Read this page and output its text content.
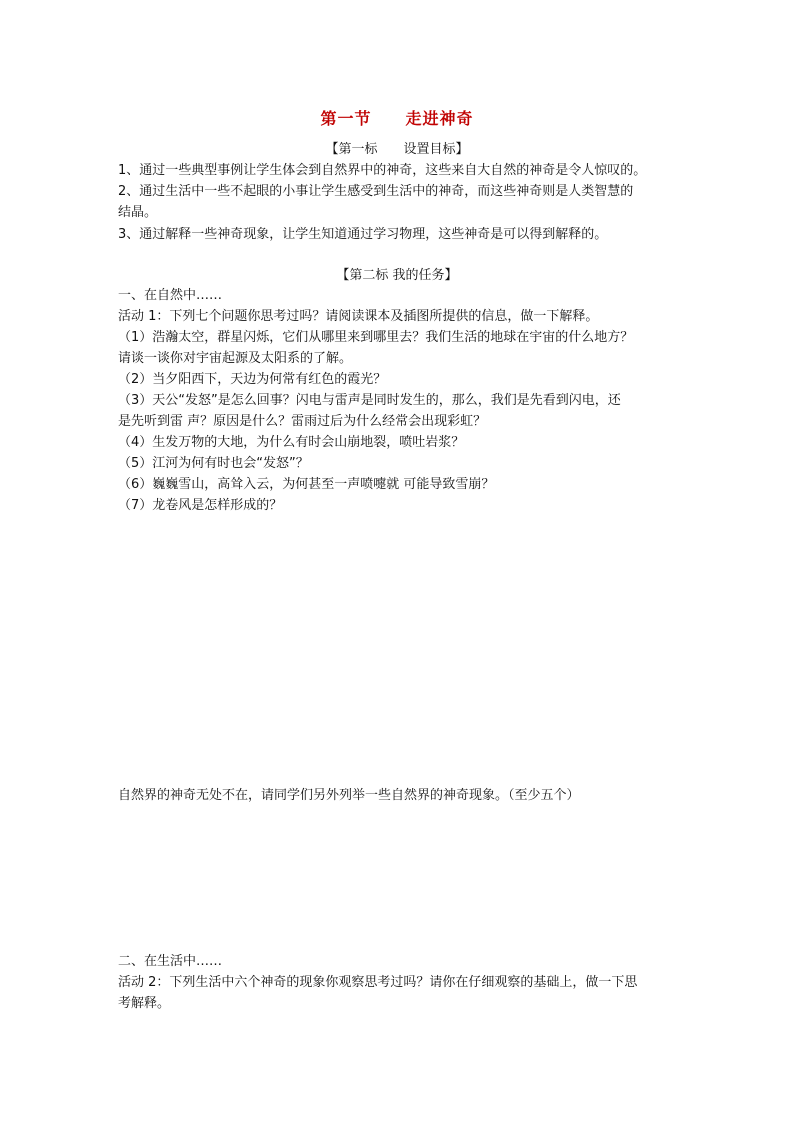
第一节　　走进神奇
【第一标　　设置目标】
1、通过一些典型事例让学生体会到自然界中的神奇，这些来自大自然的神奇是令人惊叹的。
2、通过生活中一些不起眼的小事让学生感受到生活中的神奇，而这些神奇则是人类智慧的
结晶。
3、通过解释一些神奇现象，让学生知道通过学习物理，这些神奇是可以得到解释的。
【第二标 我的任务】
一、在自然中……
活动 1：下列七个问题你思考过吗？请阅读课本及插图所提供的信息，做一下解释。
（1）浩瀚太空，群星闪烁，它们从哪里来到哪里去？我们生活的地球在宇宙的什么地方？
请谈一谈你对宇宙起源及太阳系的了解。
（2）当夕阳西下，天边为何常有红色的霞光？
（3）天公“发怒”是怎么回事？闪电与雷声是同时发生的，那么，我们是先看到闪电，还
是先听到雷 声？原因是什么？雷雨过后为什么经常会出现彩虹？
（4）生发万物的大地，为什么有时会山崩地裂，喷吐岩浆？
（5）江河为何有时也会“发怒”？
（6）巍巍雪山，高耸入云，为何甚至一声喷嚏就 可能导致雪崩？
（7）龙卷风是怎样形成的？
自然界的神奇无处不在，请同学们另外列举一些自然界的神奇现象。（至少五个）
二、在生活中……
活动 2：下列生活中六个神奇的现象你观察思考过吗？请你在仔细观察的基础上，做一下思
考解释。
